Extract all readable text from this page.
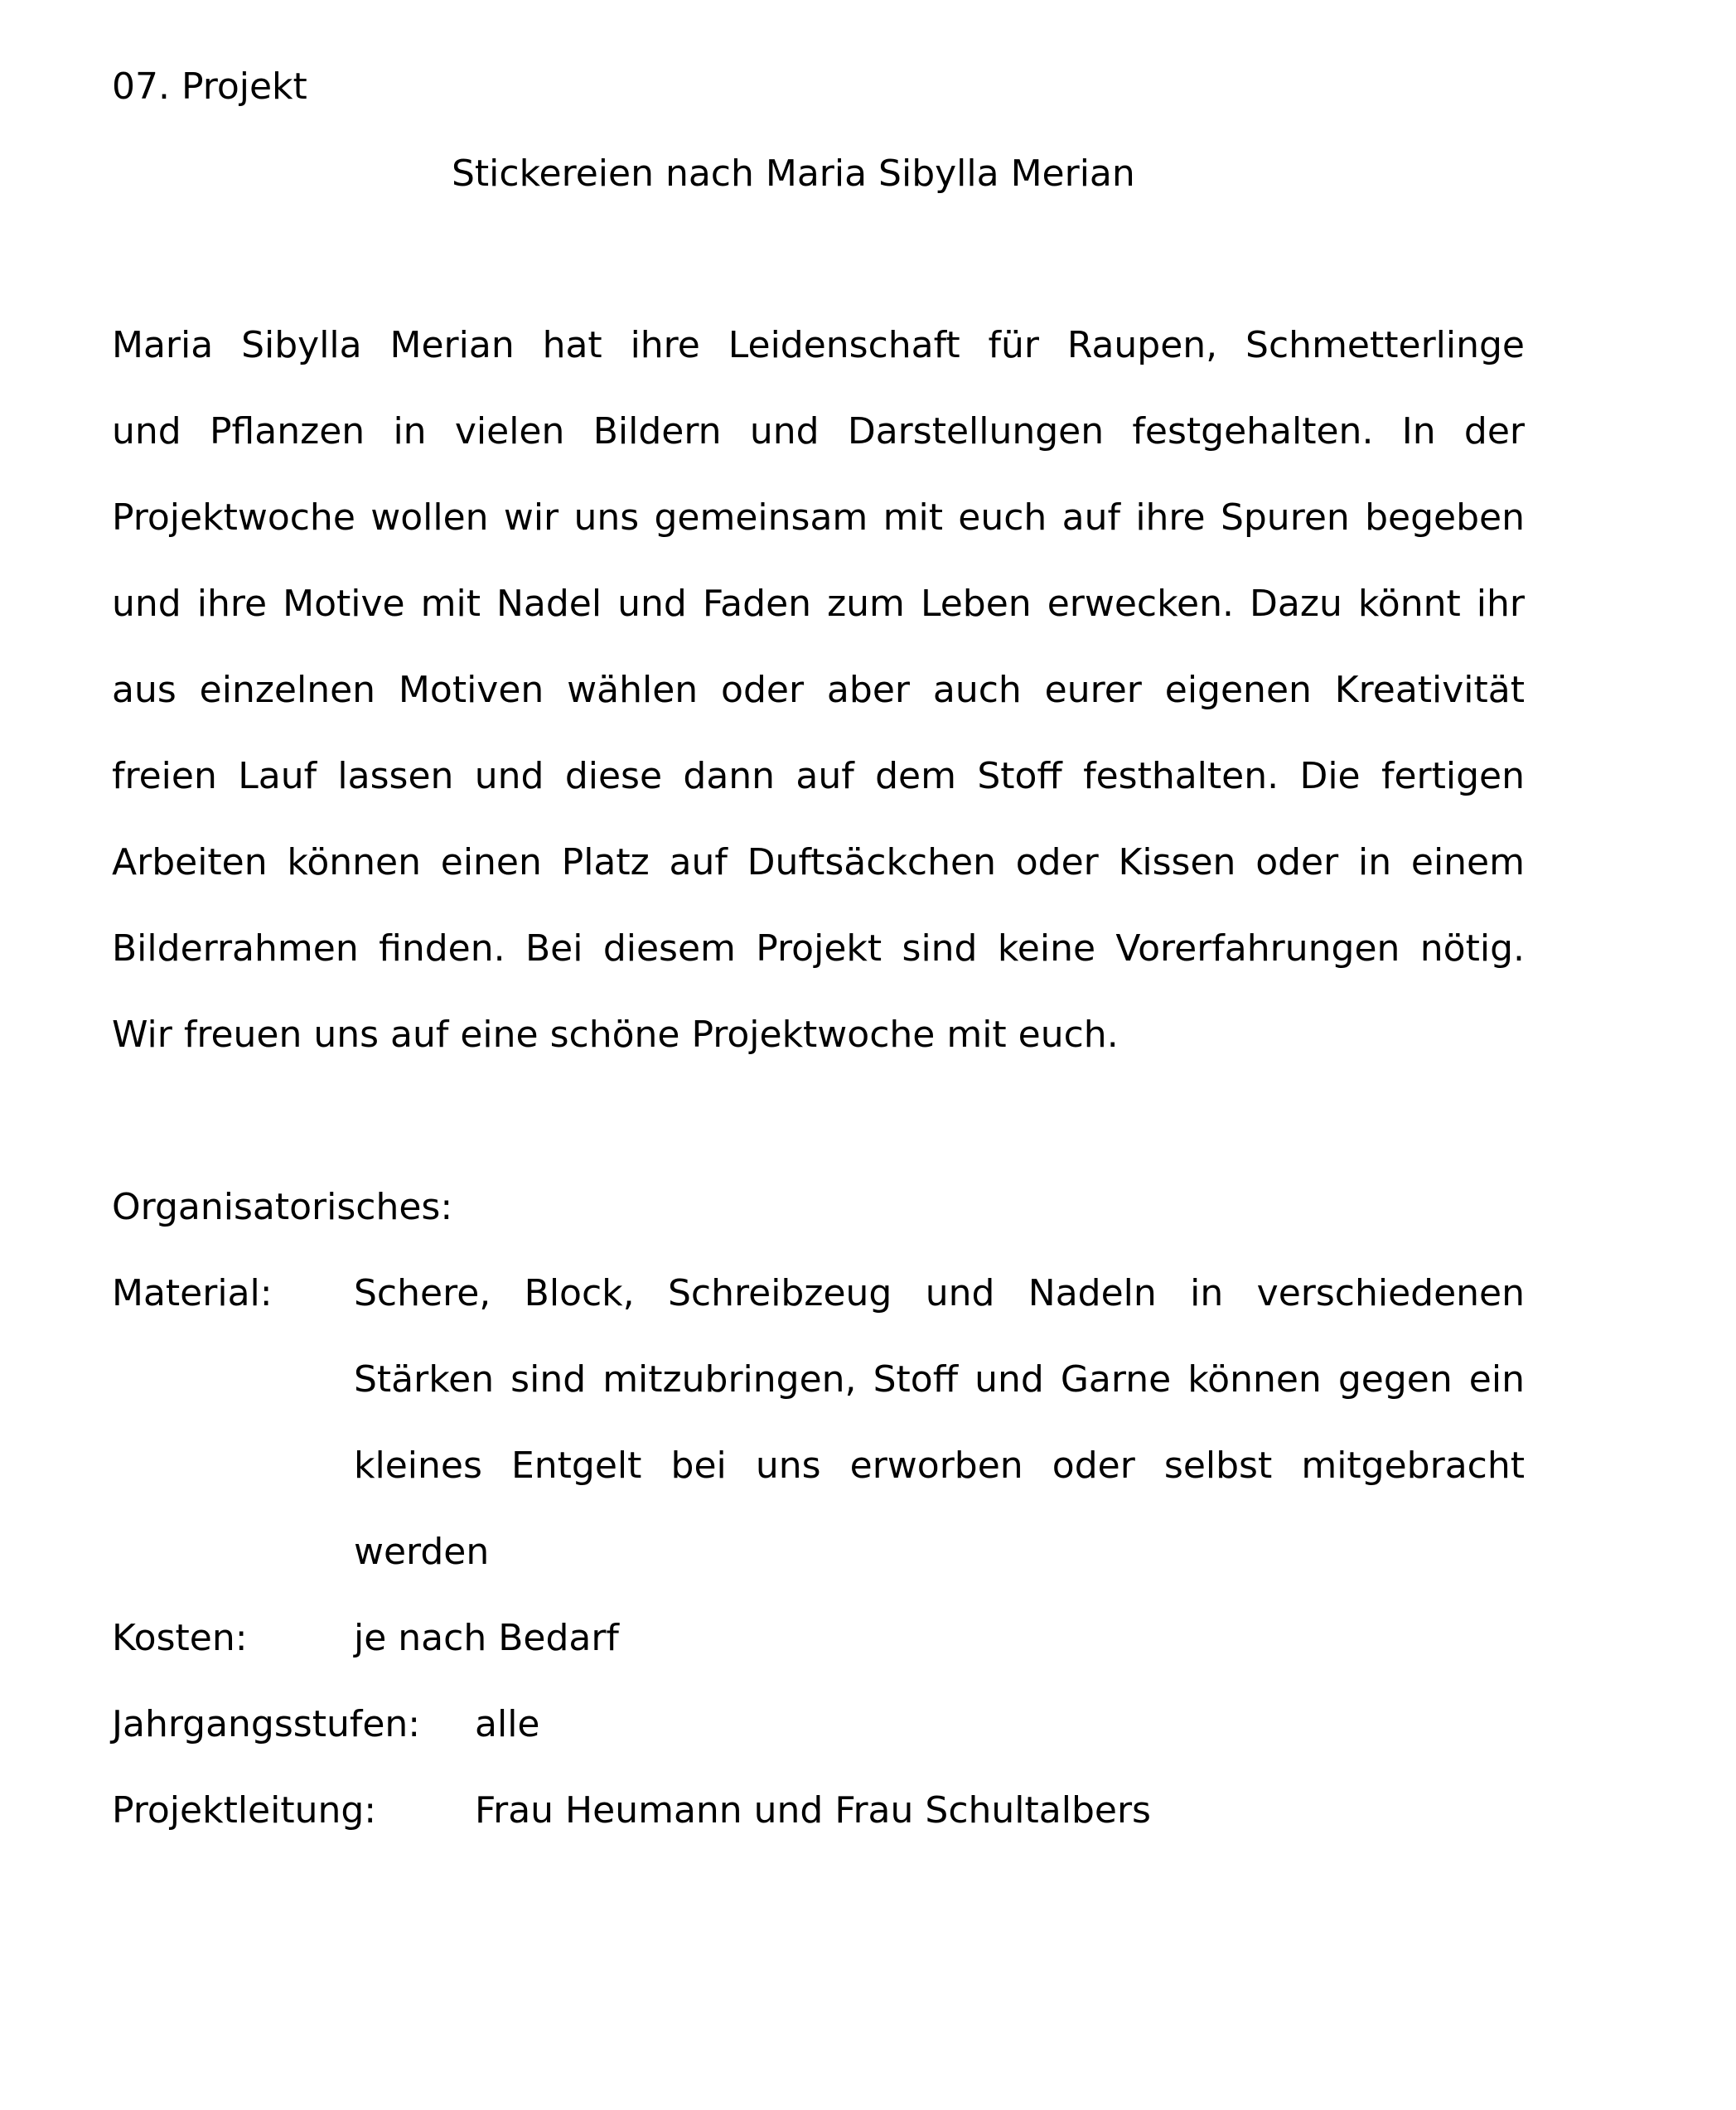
07. Projekt
Stickereien nach Maria Sibylla Merian
Maria Sibylla Merian hat ihre Leidenschaft für Raupen, Schmetterlinge
und Pflanzen in vielen Bildern und Darstellungen festgehalten. In der
Projektwoche wollen wir uns gemeinsam mit euch auf ihre Spuren begeben
und ihre Motive mit Nadel und Faden zum Leben erwecken. Dazu könnt ihr
aus einzelnen Motiven wählen oder aber auch eurer eigenen Kreativität
freien Lauf lassen und diese dann auf dem Stoff festhalten. Die fertigen
Arbeiten können einen Platz auf Duftsäckchen oder Kissen oder in einem
Bilderrahmen finden. Bei diesem Projekt sind keine Vorerfahrungen nötig.
Wir freuen uns auf eine schöne Projektwoche mit euch.
Organisatorisches:
Material: Schere, Block, Schreibzeug und Nadeln in verschiedenen
Stärken sind mitzubringen, Stoff und Garne können gegen ein
kleines Entgelt bei uns erworben oder selbst mitgebracht
werden
Kosten:	je nach Bedarf
Jahrgangsstufen: alle
Projektleitung:	Frau Heumann und Frau Schultalbers
